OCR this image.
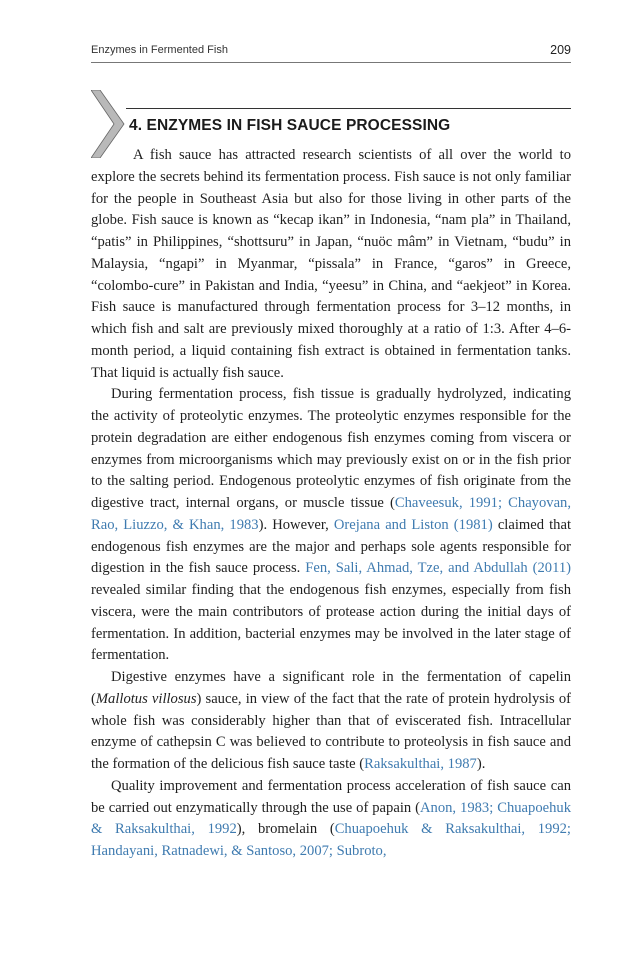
Enzymes in Fermented Fish	209
4. ENZYMES IN FISH SAUCE PROCESSING

A fish sauce has attracted research scientists of all over the world to explore the secrets behind its fermentation process. Fish sauce is not only familiar for the people in Southeast Asia but also for those living in other parts of the globe. Fish sauce is known as “kecap ikan” in Indonesia, “nam pla” in Thailand, “patis” in Philippines, “shottsuru” in Japan, “nuöc mâm” in Vietnam, “budu” in Malaysia, “ngapi” in Myanmar, “pissala” in France, “garos” in Greece, “colombo-cure” in Pakistan and India, “yeesu” in China, and “aekjeot” in Korea. Fish sauce is manufactured through fermentation process for 3–12 months, in which fish and salt are previously mixed thoroughly at a ratio of 1:3. After 4–6-month period, a liquid containing fish extract is obtained in fermentation tanks. That liquid is actually fish sauce.

During fermentation process, fish tissue is gradually hydrolyzed, indicating the activity of proteolytic enzymes. The proteolytic enzymes responsible for the protein degradation are either endogenous fish enzymes coming from viscera or enzymes from microorganisms which may previously exist on or in the fish prior to the salting period. Endogenous proteolytic enzymes of fish originate from the digestive tract, internal organs, or muscle tissue (Chaveesuk, 1991; Chayovan, Rao, Liuzzo, & Khan, 1983). However, Orejana and Liston (1981) claimed that endogenous fish enzymes are the major and perhaps sole agents responsible for digestion in the fish sauce process. Fen, Sali, Ahmad, Tze, and Abdullah (2011) revealed similar finding that the endogenous fish enzymes, especially from fish viscera, were the main contributors of protease action during the initial days of fermentation. In addition, bacterial enzymes may be involved in the later stage of fermentation.

Digestive enzymes have a significant role in the fermentation of capelin (Mallotus villosus) sauce, in view of the fact that the rate of protein hydrolysis of whole fish was considerably higher than that of eviscerated fish. Intracellular enzyme of cathepsin C was believed to contribute to proteolysis in fish sauce and the formation of the delicious fish sauce taste (Raksakulthai, 1987).

Quality improvement and fermentation process acceleration of fish sauce can be carried out enzymatically through the use of papain (Anon, 1983; Chuapoehuk & Raksakulthai, 1992), bromelain (Chuapoehuk & Raksakulthai, 1992; Handayani, Ratnadewi, & Santoso, 2007; Subroto,
